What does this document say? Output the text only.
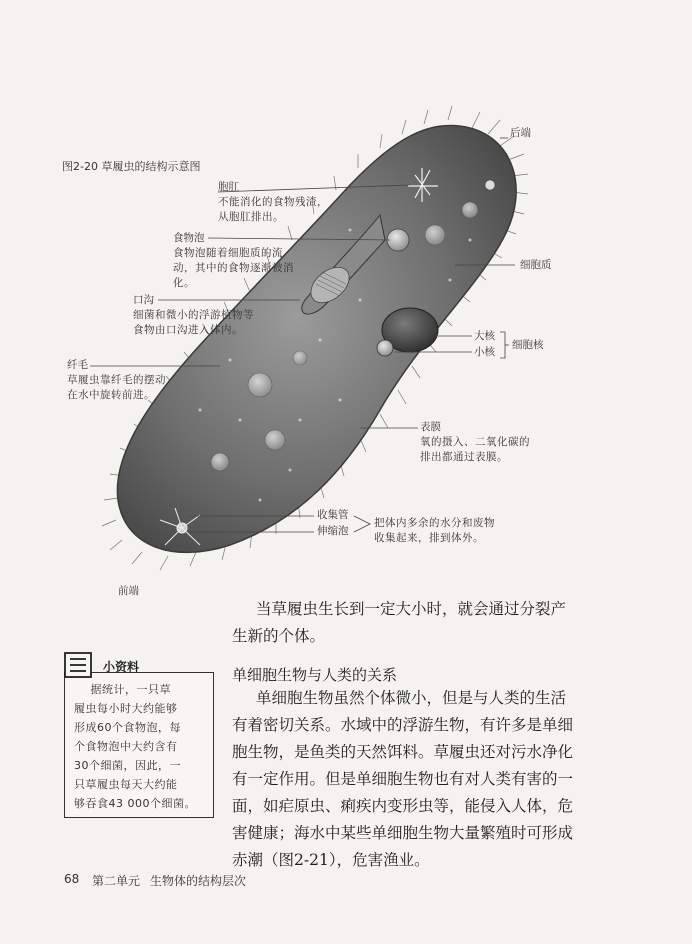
图2-20 草履虫的结构示意图
后端
胞肛
不能消化的食物残渣，
从胞肛排出。
食物泡
食物泡随着细胞质的流
动，其中的食物逐渐被消
化。
口沟
细菌和微小的浮游植物等
食物由口沟进入体内。
纤毛
草履虫靠纤毛的摆动
在水中旋转前进。
细胞质
大核
小核
细胞核
表膜
氧的摄入、二氧化碳的
排出都通过表膜。
收集管
伸缩泡
把体内多余的水分和废物
收集起来，排到体外。
前端
当草履虫生长到一定大小时，就会通过分裂产
生新的个体。
小资料
据统计，一只草
履虫每小时大约能够
形成60个食物泡，每
个食物泡中大约含有
30个细菌，因此，一
只草履虫每天大约能
够吞食43 000个细菌。
单细胞生物与人类的关系
单细胞生物虽然个体微小，但是与人类的生活
有着密切关系。水域中的浮游生物，有许多是单细
胞生物，是鱼类的天然饵料。草履虫还对污水净化
有一定作用。但是单细胞生物也有对人类有害的一
面，如疟原虫、痢疾内变形虫等，能侵入人体，危
害健康；海水中某些单细胞生物大量繁殖时可形成
赤潮（图2-21），危害渔业。
68 第二单元 生物体的结构层次
